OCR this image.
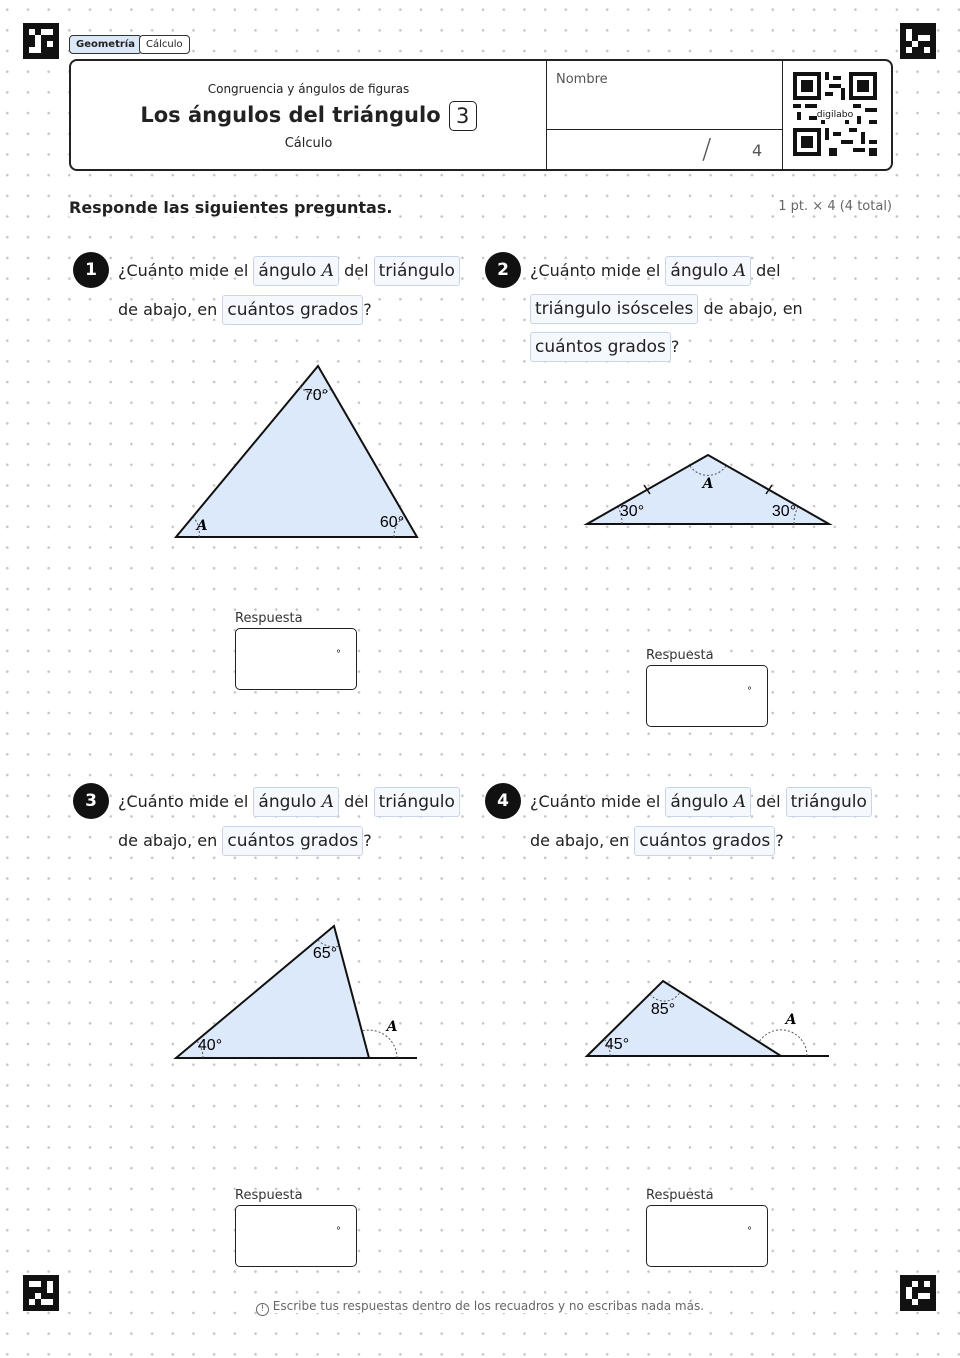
Geometría	Cálculo
Congruencia y ángulos de figuras
Los ángulos del triángulo 3
Cálculo
Nombre
/	4
digilabo
Responde las siguientes preguntas.	1 pt. × 4 (4 total)
1	¿Cuánto mide el ángulo A del triángulo
de abajo, en cuántos grados ?
70°
60°
A
Respuesta
°
2	¿Cuánto mide el ángulo A del
triángulo isósceles de abajo, en
cuántos grados ?
A
30°	30°
Respuesta
°
3	¿Cuánto mide el ángulo A del triángulo
de abajo, en cuántos grados ?
65°
40°
A
Respuesta
°
4	¿Cuánto mide el ángulo A del triángulo
de abajo, en cuántos grados ?
85°
45°
A
Respuesta
°
! Escribe tus respuestas dentro de los recuadros y no escribas nada más.
